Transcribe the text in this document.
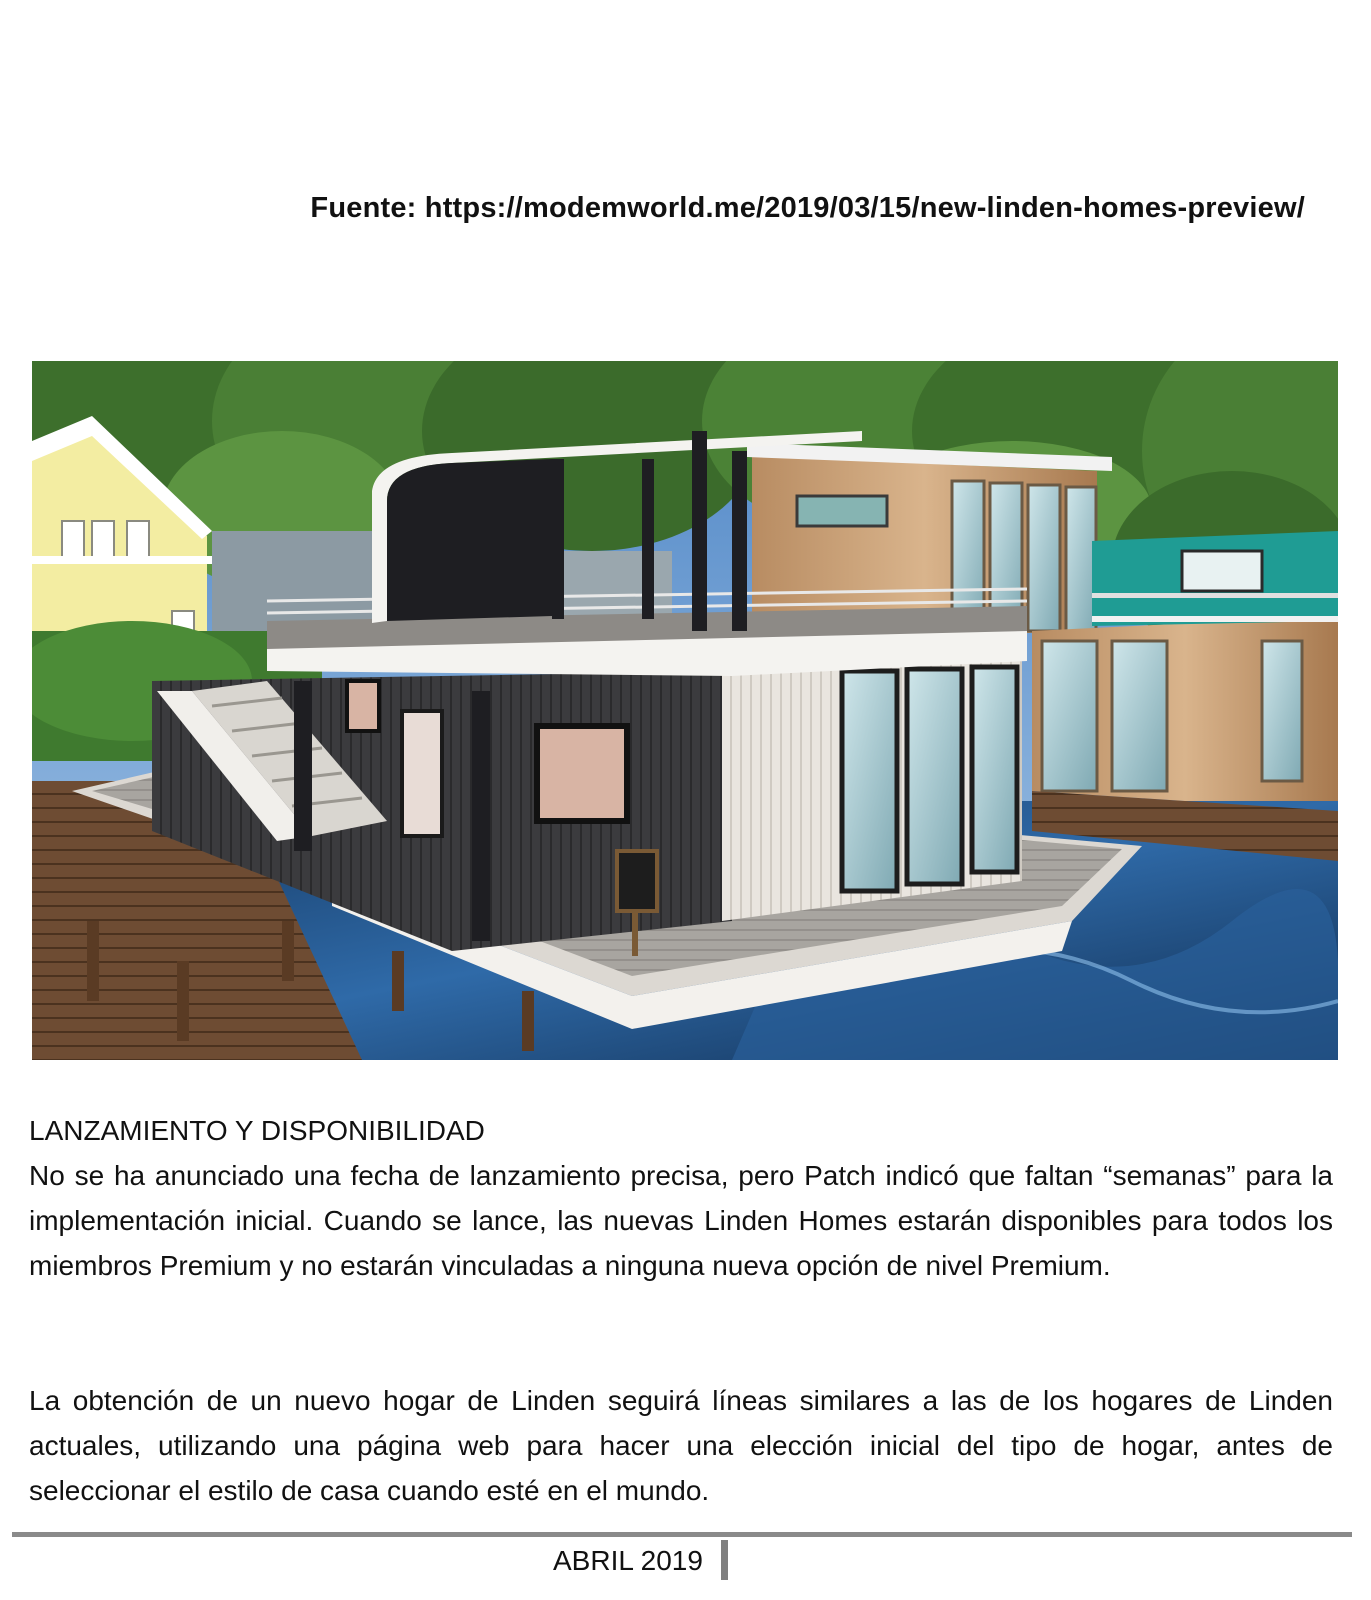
Fuente: https://modemworld.me/2019/03/15/new-linden-homes-preview/
LANZAMIENTO Y DISPONIBILIDAD
No se ha anunciado una fecha de lanzamiento precisa, pero Patch indicó que faltan “semanas” para la implementación inicial. Cuando se lance, las nuevas Linden Homes estarán disponibles para todos los miembros Premium y no estarán vinculadas a ninguna nueva opción de nivel Premium.
La obtención de un nuevo hogar de Linden seguirá líneas similares a las de los hogares de Linden actuales, utilizando una página web para hacer una elección inicial del tipo de hogar, antes de seleccionar el estilo de casa cuando esté en el mundo.
ABRIL 2019
